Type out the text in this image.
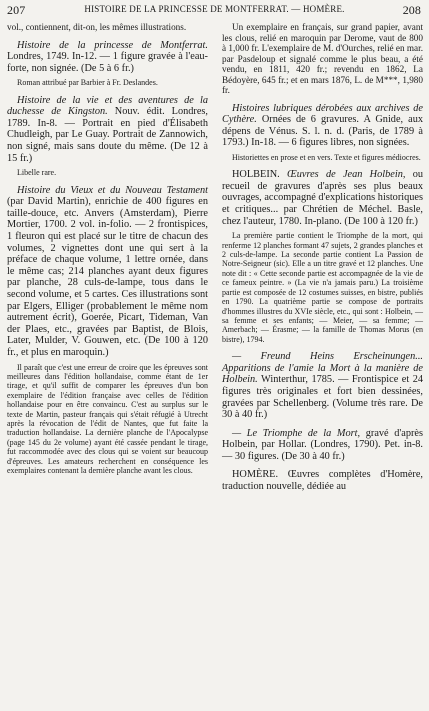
207	HISTOIRE DE LA PRINCESSE DE MONTFERRAT. — HOMÈRE.	208

vol., contiennent, dit-on, les mêmes illustrations.

Histoire de la princesse de Montferrat. Londres, 1749. In-12. — 1 figure gravée à l'eau-forte, non signée. (De 5 à 6 fr.)

Roman attribué par Barbier à Fr. Deslandes.

Histoire de la vie et des aventures de la duchesse de Kingston. Nouv. édit. Londres, 1789. In-8. — Portrait en pied d'Élisabeth Chudleigh, par Le Guay. Portrait de Zannowich, non signé, mais sans doute du même. (De 12 à 15 fr.)

Libelle rare.

Histoire du Vieux et du Nouveau Testament (par David Martin), enrichie de 400 figures en taille-douce, etc. Anvers (Amsterdam), Pierre Mortier, 1700. 2 vol. in-folio. — 2 frontispices, 1 fleuron qui est placé sur le titre de chacun des volumes, 2 vignettes dont une qui sert à la préface de chaque volume, 1 lettre ornée, dans le même cas; 214 planches ayant deux figures par planche, 28 culs-de-lampe, tous dans le second volume, et 5 cartes. Ces illustrations sont par Elgers, Elliger (probablement le même nom autrement écrit), Goerée, Picart, Tideman, Van der Plaes, etc., gravées par Baptist, de Blois, Later, Mulder, V. Gouwen, etc. (De 100 à 120 fr., et plus en maroquin.)

Il paraît que c'est une erreur de croire que les épreuves sont meilleures dans l'édition hollandaise, comme étant de 1er tirage, et qu'il suffit de comparer les épreuves d'un bon exemplaire de l'édition française avec celles de l'édition hollandaise pour en être convaincu. C'est au surplus sur le texte de Martin, pasteur français qui s'était réfugié à Utrecht après la révocation de l'édit de Nantes, que fut faite la traduction hollandaise. La dernière planche de l'Apocalypse (page 145 du 2e volume) ayant été cassée pendant le tirage, fut raccommodée avec des clous qui se voient sur beaucoup d'épreuves. Les amateurs recherchent en conséquence les exemplaires contenant la dernière planche avant les clous.

Un exemplaire en français, sur grand papier, avant les clous, relié en maroquin par Derome, vaut de 800 à 1,000 fr. L'exemplaire de M. d'Ourches, relié en mar. par Pasdeloup et signalé comme le plus beau, a été vendu, en 1811, 420 fr.; revendu en 1862, La Bédoyère, 645 fr.; et en mars 1876, L. de M***, 1,980 fr.

Histoires lubriques dérobées aux archives de Cythère. Ornées de 6 gravures. A Gnide, aux dépens de Vénus. S. l. n. d. (Paris, de 1789 à 1793.) In-18. — 6 figures libres, non signées.

Historiettes en prose et en vers. Texte et figures médiocres.

HOLBEIN. Œuvres de Jean Holbein, ou recueil de gravures d'après ses plus beaux ouvrages, accompagné d'explications historiques et critiques... par Chrétien de Méchel. Basle, chez l'auteur, 1780. In-plano. (De 100 à 120 fr.)

La première partie contient le Triomphe de la mort, qui renferme 12 planches formant 47 sujets, 2 grandes planches et 2 culs-de-lampe. La seconde partie contient La Passion de Notre-Seigneur (sic). Elle a un titre gravé et 12 planches. Une note dit : « Cette seconde partie est accompagnée de la vie de ce fameux peintre. » (La vie n'a jamais paru.) La troisième partie est composée de 12 costumes suisses, en bistre, publiés en 1790. La quatrième partie se compose de portraits d'hommes illustres du XVIe siècle, etc., qui sont : Holbein, — sa femme et ses enfants; — Meier, — sa femme; — Amerbach; — Érasme; — la famille de Thomas Morus (en bistre), 1794.

— Freund Heins Erscheinungen... Apparitions de l'amie la Mort à la manière de Holbein. Winterthur, 1785. — Frontispice et 24 figures très originales et fort bien dessinées, gravées par Schellenberg. (Volume très rare. De 30 à 40 fr.)

— Le Triomphe de la Mort, gravé d'après Holbein, par Hollar. (Londres, 1790). Pet. in-8. — 30 figures. (De 30 à 40 fr.)

HOMÈRE. Œuvres complètes d'Homère, traduction nouvelle, dédiée au
